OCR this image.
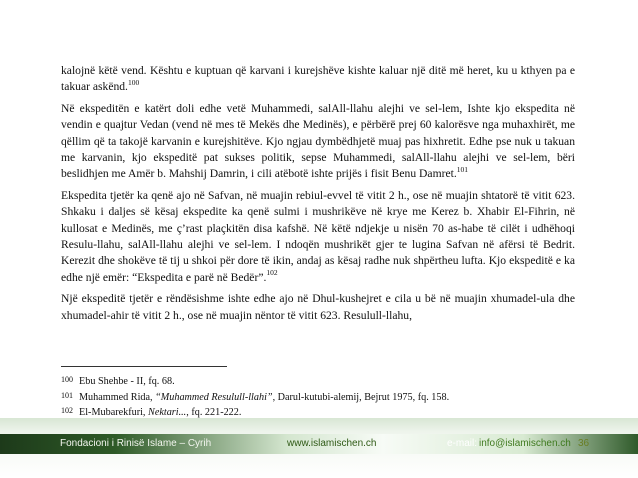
kalojnë këtë vend. Kështu e kuptuan që karvani i kurejshëve kishte kaluar një ditë më heret, ku u kthyen pa e takuar askënd.$^{100}$

Në ekspeditën e katërt doli edhe vetë Muhammedi, salAll-llahu alejhi ve sel-lem, Ishte kjo ekspedita në vendin e quajtur Vedan (vend në mes të Mekës dhe Medinës), e përbërë prej 60 kalorësve nga muhaxhirët, me qëllim që ta takojë karvanin e kurejshitëve. Kjo ngjau dymbëdhjetë muaj pas hixhretit. Edhe pse nuk u takuan me karvanin, kjo ekspeditë pat sukses politik, sepse Muhammedi, salAll-llahu alejhi ve sel-lem, bëri beslidhjen me Amër b. Mahshij Damrin, i cili atëbotë ishte prijës i fisit Benu Damret.$^{101}$

Ekspedita tjetër ka qenë ajo në Safvan, në muajin rebiul-evvel të vitit 2 h., ose në muajin shtatorë të vitit 623. Shkaku i daljes së kësaj ekspedite ka qenë sulmi i mushrikëve në krye me Kerez b. Xhabir El-Fihrin, në kullosat e Medinës, me ç’rast plaçkitën disa kafshë. Në këtë ndjekje u nisën 70 as-habe të cilët i udhëhoqi Resulu-llahu, salAll-llahu alejhi ve sel-lem. I ndoqën mushrikët gjer te lugina Safvan në afërsi të Bedrit. Kerezit dhe shokëve të tij u shkoi për dore të ikin, andaj as kësaj radhe nuk shpërtheu lufta. Kjo ekspeditë e ka edhe një emër: “Ekspedita e parë në Bedër”.$^{102}$

Një ekspeditë tjetër e rëndësishme ishte edhe ajo në Dhul-kushejret e cila u bë në muajin xhumadel-ula dhe xhumadel-ahir të vitit 2 h., ose në muajin nëntor të vitit 623. Resulull-llahu,

100 Ebu Shehbe - II, fq. 68.
101 Muhammed Rida, “Muhammed Resulull-llahi”, Darul-kutubi-alemij, Bejrut 1975, fq. 158.
102 El-Mubarekfuri, Nektari..., fq. 221-222.
Fondacioni i Rinisë Islame – Cyrih	www.islamischen.ch	e-mail: info@islamischen.ch 36
